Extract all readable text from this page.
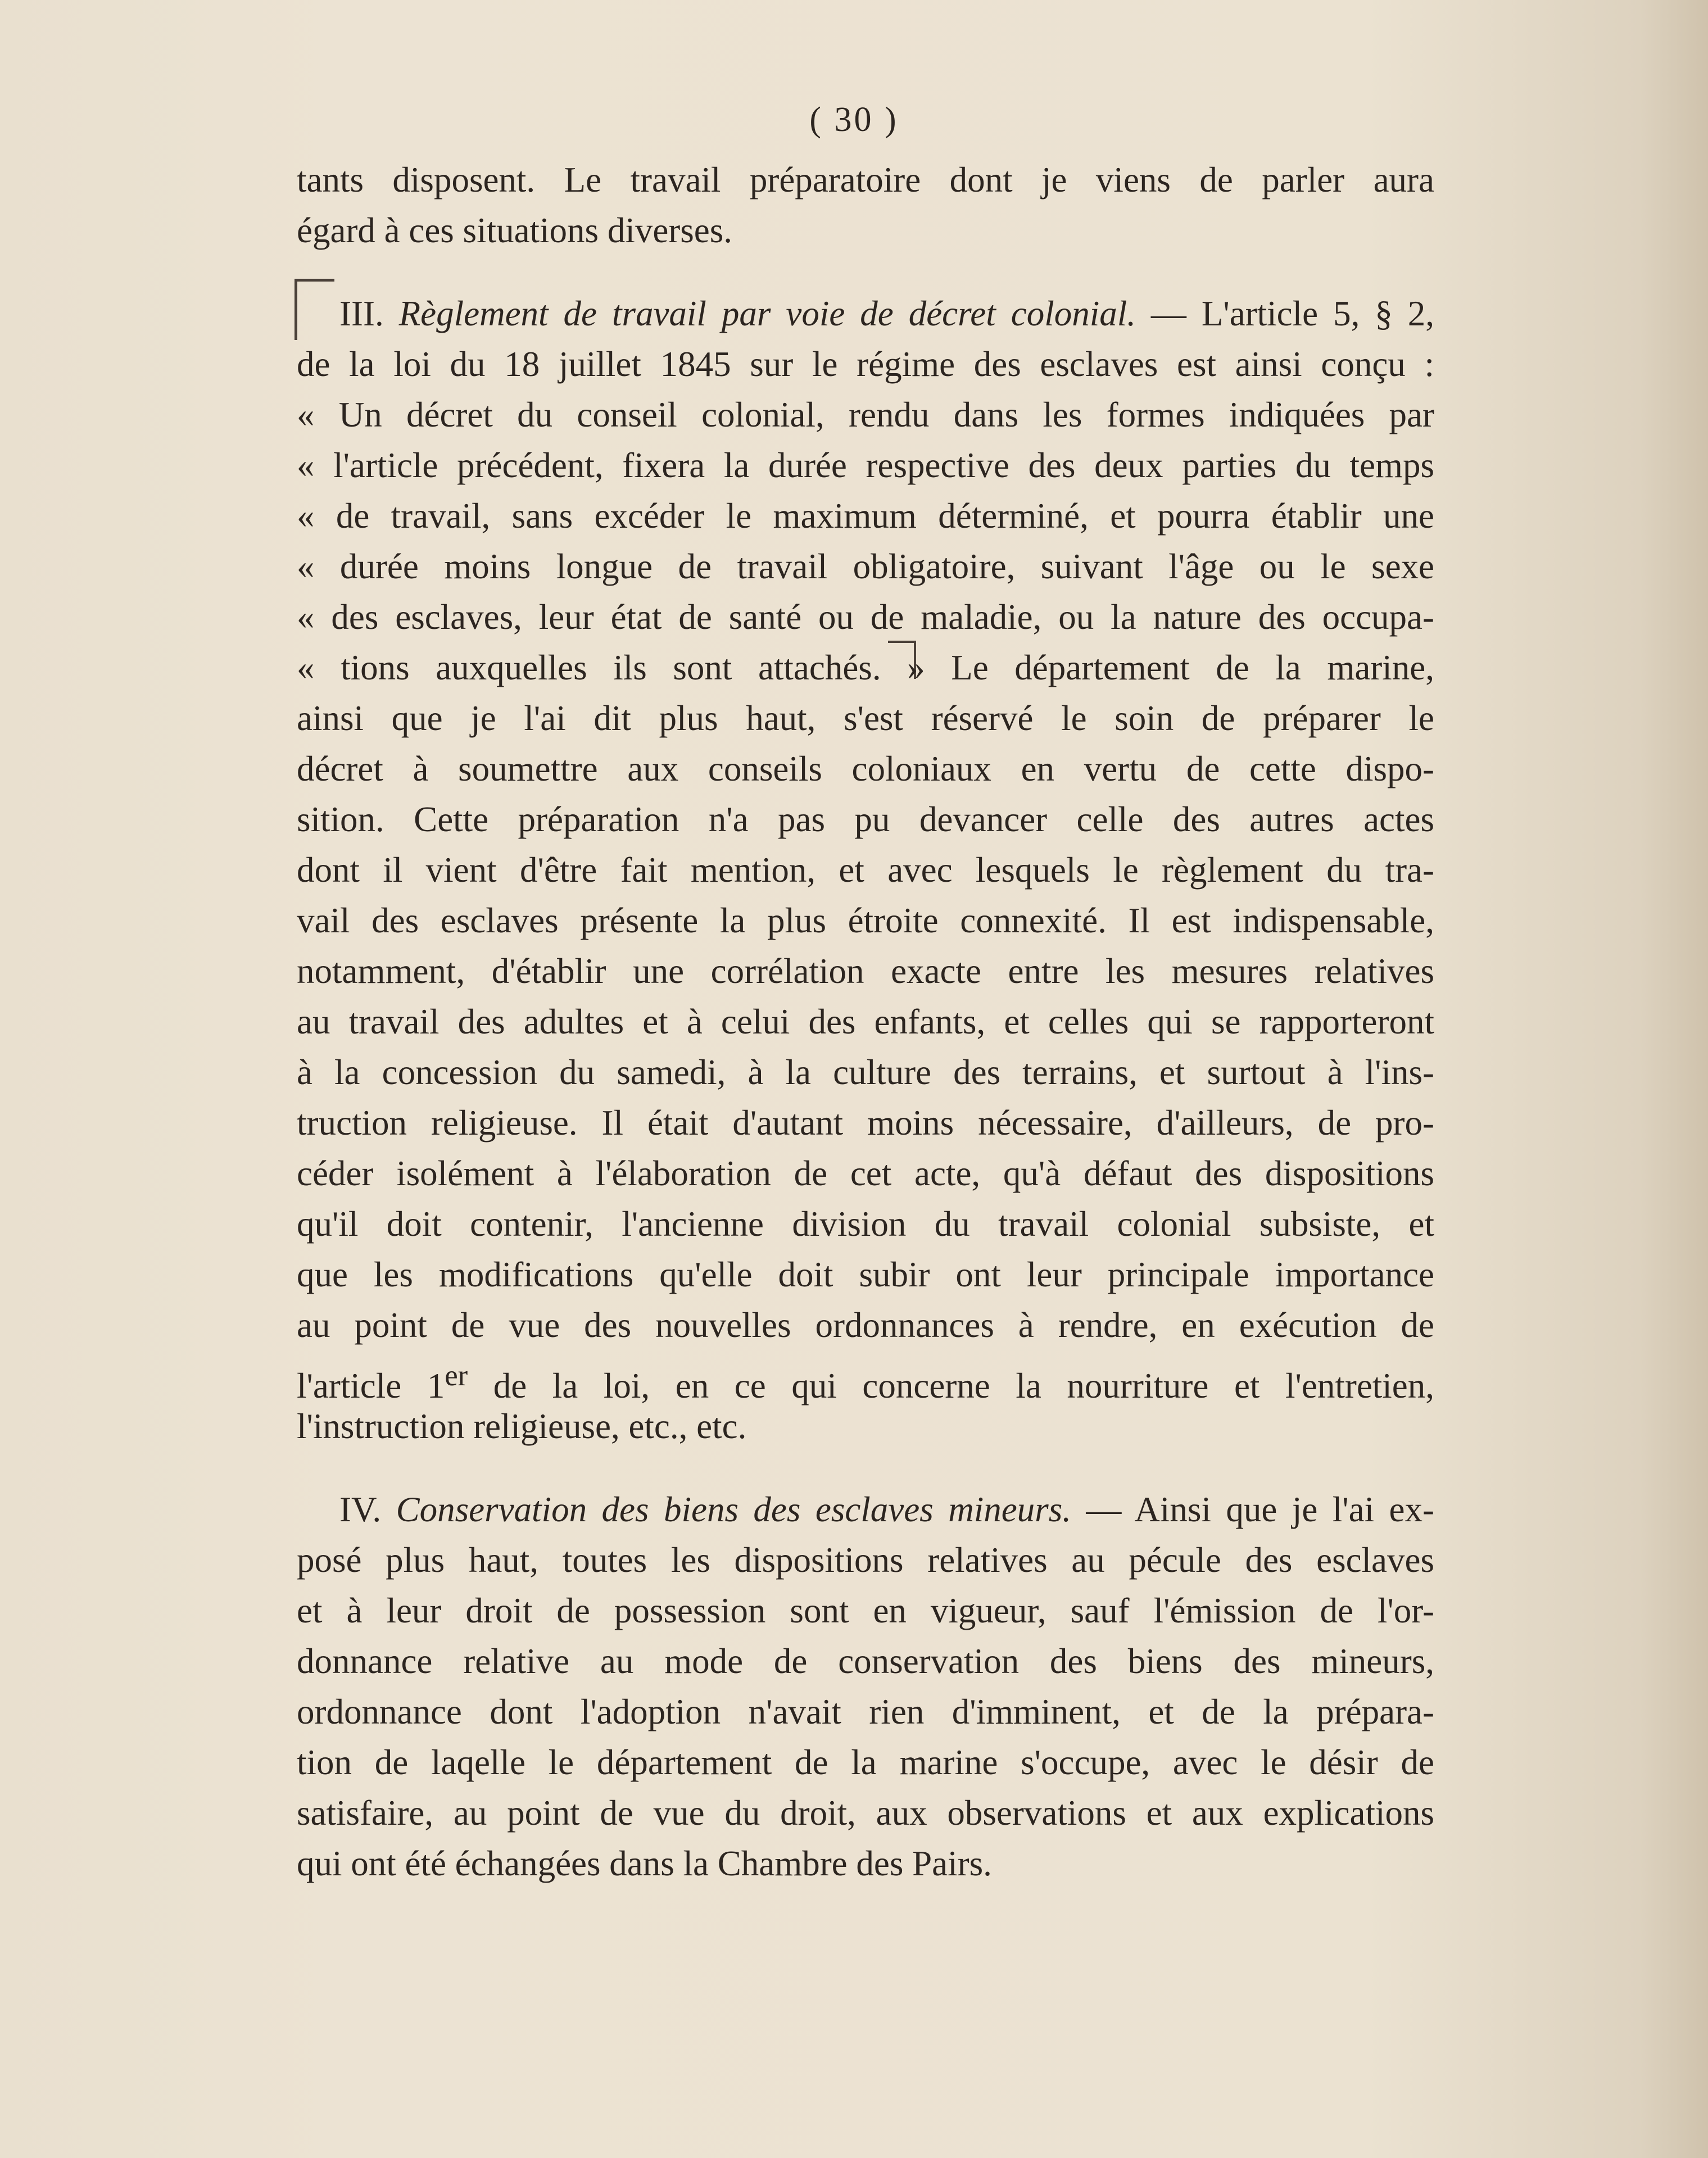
( 30 )
tants disposent. Le travail préparatoire dont je viens de parler aura
égard à ces situations diverses.
III. Règlement de travail par voie de décret colonial. — L'article 5, § 2,
de la loi du 18 juillet 1845 sur le régime des esclaves est ainsi conçu :
« Un décret du conseil colonial, rendu dans les formes indiquées par
« l'article précédent, fixera la durée respective des deux parties du temps
« de travail, sans excéder le maximum déterminé, et pourra établir une
« durée moins longue de travail obligatoire, suivant l'âge ou le sexe
« des esclaves, leur état de santé ou de maladie, ou la nature des occupa-
« tions auxquelles ils sont attachés. » Le département de la marine,
ainsi que je l'ai dit plus haut, s'est réservé le soin de préparer le
décret à soumettre aux conseils coloniaux en vertu de cette dispo-
sition. Cette préparation n'a pas pu devancer celle des autres actes
dont il vient d'être fait mention, et avec lesquels le règlement du tra-
vail des esclaves présente la plus étroite connexité. Il est indispensable,
notamment, d'établir une corrélation exacte entre les mesures relatives
au travail des adultes et à celui des enfants, et celles qui se rapporteront
à la concession du samedi, à la culture des terrains, et surtout à l'ins-
truction religieuse. Il était d'autant moins nécessaire, d'ailleurs, de pro-
céder isolément à l'élaboration de cet acte, qu'à défaut des dispositions
qu'il doit contenir, l'ancienne division du travail colonial subsiste, et
que les modifications qu'elle doit subir ont leur principale importance
au point de vue des nouvelles ordonnances à rendre, en exécution de
l'article 1er de la loi, en ce qui concerne la nourriture et l'entretien,
l'instruction religieuse, etc., etc.
IV. Conservation des biens des esclaves mineurs. — Ainsi que je l'ai ex-
posé plus haut, toutes les dispositions relatives au pécule des esclaves
et à leur droit de possession sont en vigueur, sauf l'émission de l'or-
donnance relative au mode de conservation des biens des mineurs,
ordonnance dont l'adoption n'avait rien d'imminent, et de la prépara-
tion de laqelle le département de la marine s'occupe, avec le désir de
satisfaire, au point de vue du droit, aux observations et aux explications
qui ont été échangées dans la Chambre des Pairs.
